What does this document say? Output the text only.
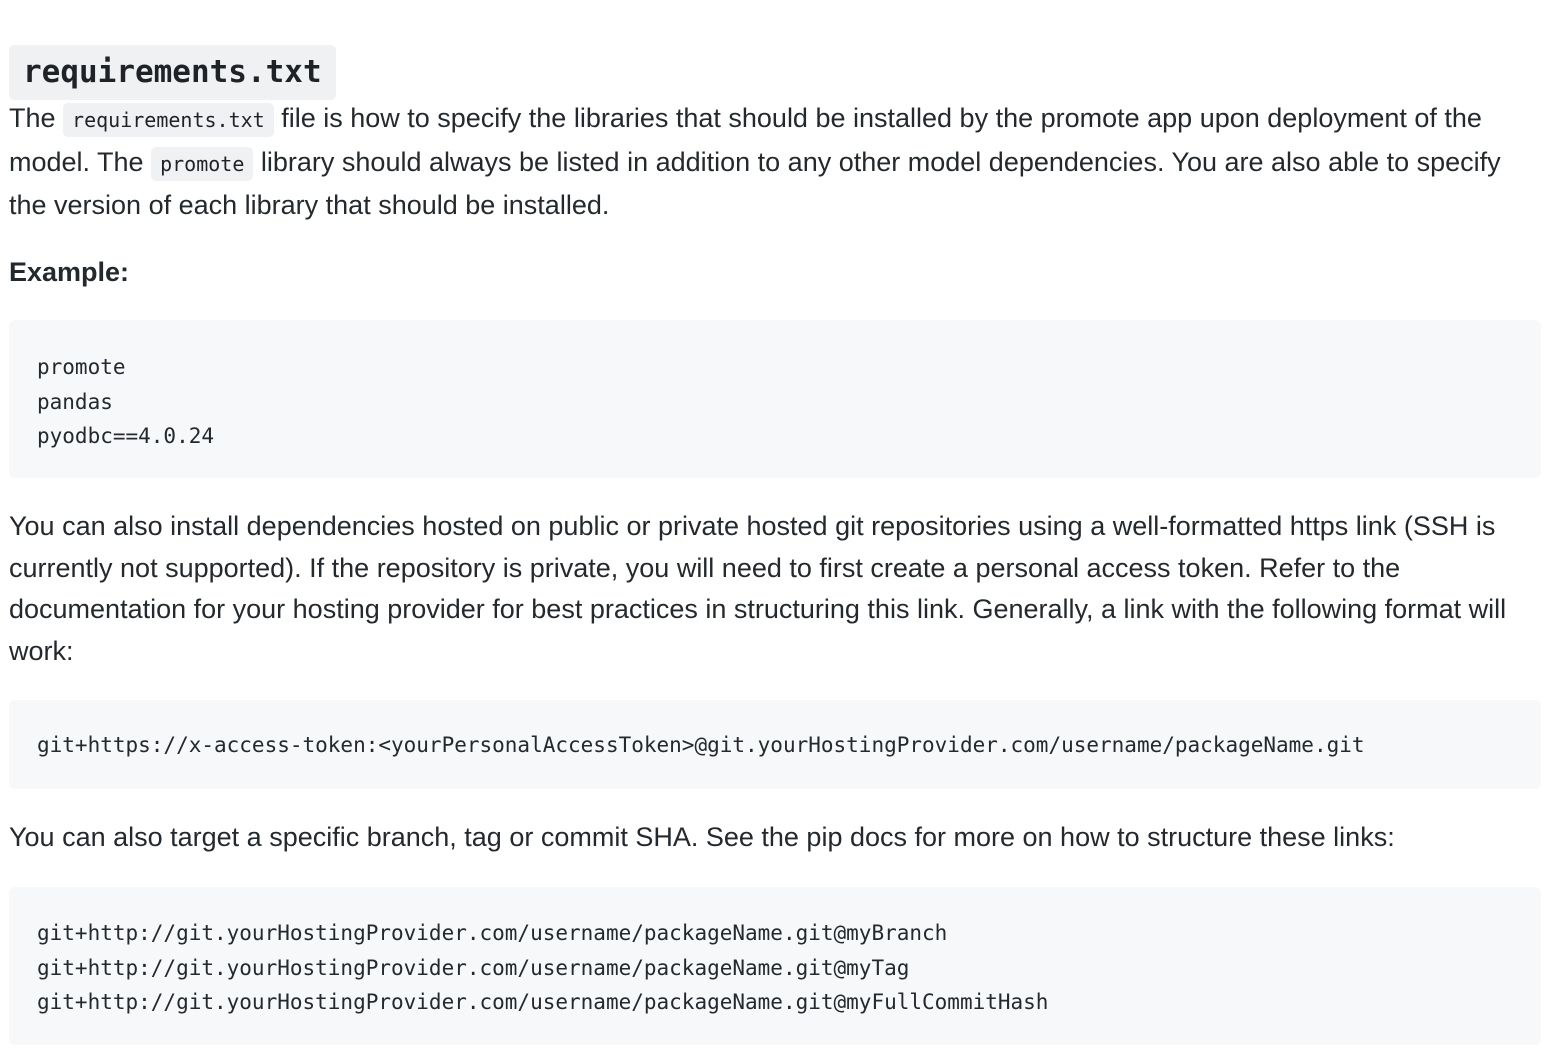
requirements.txt

The requirements.txt file is how to specify the libraries that should be installed by the promote app upon deployment of the model. The promote library should always be listed in addition to any other model dependencies. You are also able to specify the version of each library that should be installed.

Example:
promote
pandas
pyodbc==4.0.24

You can also install dependencies hosted on public or private hosted git repositories using a well-formatted https link (SSH is currently not supported). If the repository is private, you will need to first create a personal access token. Refer to the documentation for your hosting provider for best practices in structuring this link. Generally, a link with the following format will work:

git+https://x-access-token:<yourPersonalAccessToken>@git.yourHostingProvider.com/username/packageName.git

You can also target a specific branch, tag or commit SHA. See the pip docs for more on how to structure these links:

git+http://git.yourHostingProvider.com/username/packageName.git@myBranch
git+http://git.yourHostingProvider.com/username/packageName.git@myTag
git+http://git.yourHostingProvider.com/username/packageName.git@myFullCommitHash
